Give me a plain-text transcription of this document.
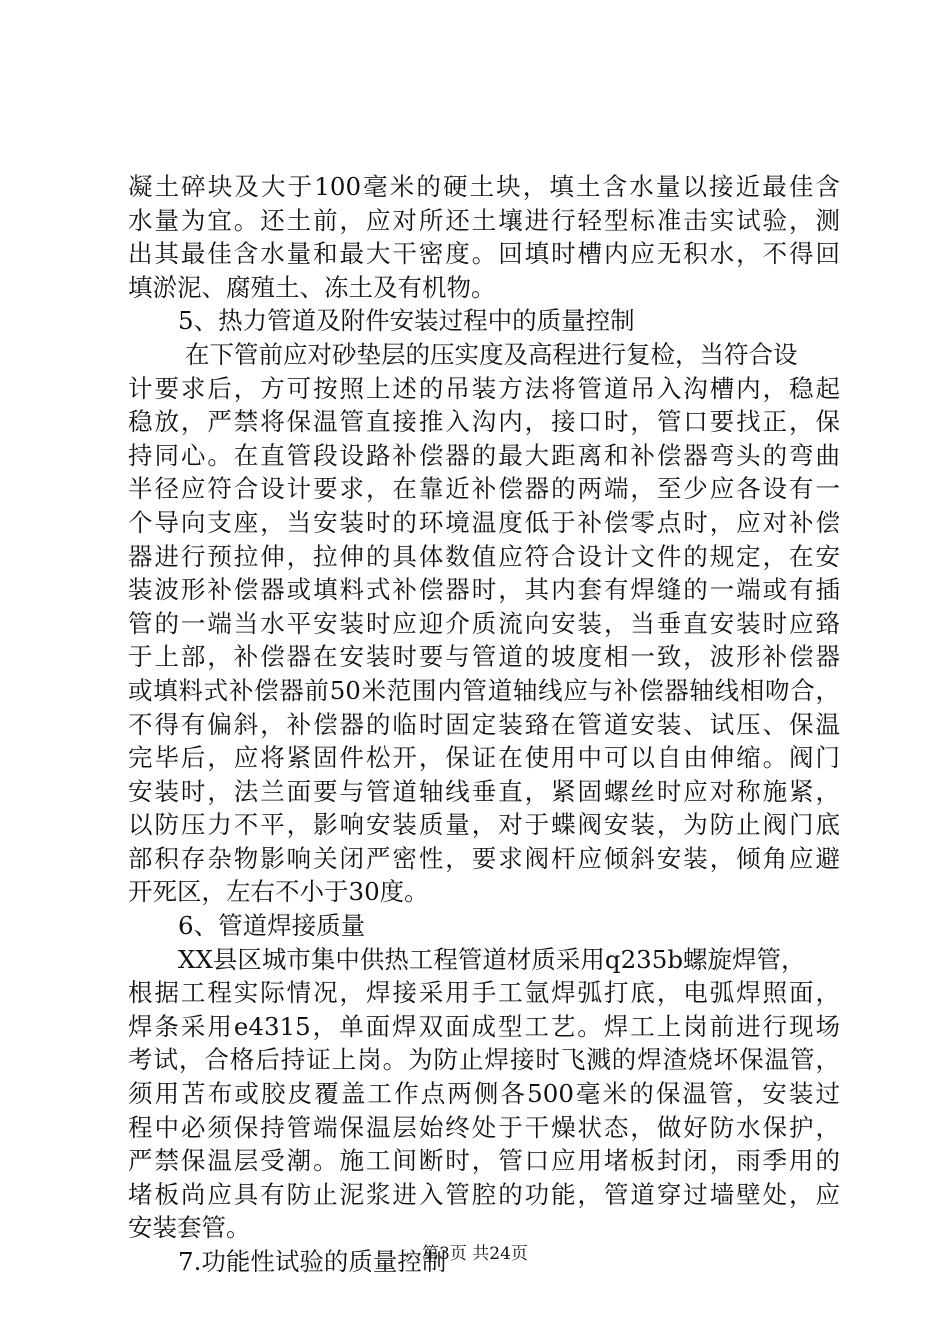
凝土碎块及大于100毫米的硬土块，填土含水量以接近最佳含
水量为宜。还土前，应对所还土壤进行轻型标准击实试验，测
出其最佳含水量和最大干密度。回填时槽内应无积水，不得回
填淤泥、腐殖土、冻土及有机物。
5、热力管道及附件安装过程中的质量控制
在下管前应对砂垫层的压实度及高程进行复检，当符合设
计要求后，方可按照上述的吊装方法将管道吊入沟槽内，稳起
稳放，严禁将保温管直接推入沟内，接口时，管口要找正，保
持同心。在直管段设路补偿器的最大距离和补偿器弯头的弯曲
半径应符合设计要求，在靠近补偿器的两端，至少应各设有一
个导向支座，当安装时的环境温度低于补偿零点时，应对补偿
器进行预拉伸，拉伸的具体数值应符合设计文件的规定，在安
装波形补偿器或填料式补偿器时，其内套有焊缝的一端或有插
管的一端当水平安装时应迎介质流向安装，当垂直安装时应臵
于上部，补偿器在安装时要与管道的坡度相一致，波形补偿器
或填料式补偿器前50米范围内管道轴线应与补偿器轴线相吻合，
不得有偏斜，补偿器的临时固定装臵在管道安装、试压、保温
完毕后，应将紧固件松开，保证在使用中可以自由伸缩。阀门
安装时，法兰面要与管道轴线垂直，紧固螺丝时应对称施紧，
以防压力不平，影响安装质量，对于蝶阀安装，为防止阀门底
部积存杂物影响关闭严密性，要求阀杆应倾斜安装，倾角应避
开死区，左右不小于30度。
6、管道焊接质量
XX县区城市集中供热工程管道材质采用q235b螺旋焊管，
根据工程实际情况，焊接采用手工氩焊弧打底，电弧焊照面，
焊条采用e4315，单面焊双面成型工艺。焊工上岗前进行现场
考试，合格后持证上岗。为防止焊接时飞溅的焊渣烧坏保温管，
须用苫布或胶皮覆盖工作点两侧各500毫米的保温管，安装过
程中必须保持管端保温层始终处于干燥状态，做好防水保护，
严禁保温层受潮。施工间断时，管口应用堵板封闭，雨季用的
堵板尚应具有防止泥浆进入管腔的功能，管道穿过墙壁处，应
安装套管。
7.功能性试验的质量控制
第3页 共24页
